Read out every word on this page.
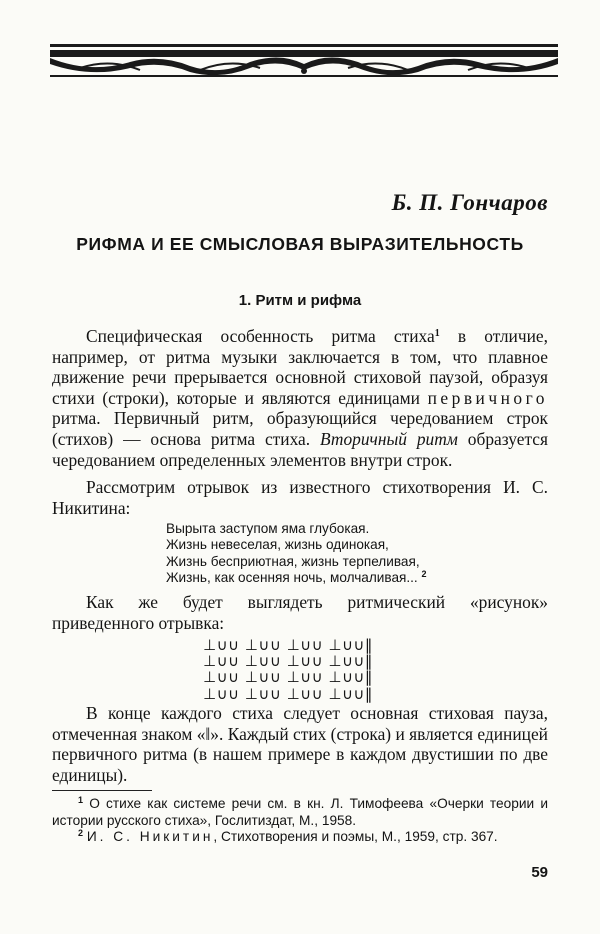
Б. П. Гончаров
РИФМА И ЕЕ СМЫСЛОВАЯ ВЫРАЗИТЕЛЬНОСТЬ
1. Ритм и рифма

Специфическая особенность ритма стиха$^1$ в отличие, например, от ритма музыки заключается в том, что плавное движение речи прерывается основной стиховой паузой, образуя стихи (строки), которые и являются единицами первичного ритма. Первичный ритм, образующийся чередованием строк (стихов) — основа ритма стиха. Вторичный ритм образуется чередованием определенных элементов внутри строк.

Рассмотрим отрывок из известного стихотворения И. С. Никитина:

Вырыта заступом яма глубокая.
Жизнь невеселая, жизнь одинокая,
Жизнь бесприютная, жизнь терпеливая,
Жизнь, как осенняя ночь, молчаливая... $^2$

Как же будет выглядеть ритмический «рисунок» приведенного отрывка:

⊥∪∪ ⊥∪∪ ⊥∪∪ ⊥∪∪‖
⊥∪∪ ⊥∪∪ ⊥∪∪ ⊥∪∪‖
⊥∪∪ ⊥∪∪ ⊥∪∪ ⊥∪∪‖
⊥∪∪ ⊥∪∪ ⊥∪∪ ⊥∪∪‖

В конце каждого стиха следует основная стиховая пауза, отмеченная знаком «‖». Каждый стих (строка) и является единицей первичного ритма (в нашем примере в каждом двустишии по две единицы).

$^1$ О стихе как системе речи см. в кн. Л. Тимофеева «Очерки теории и истории русского стиха», Гослитиздат, М., 1958.

$^2$ И. С. Никитин, Стихотворения и поэмы, М., 1959, стр. 367.

59
